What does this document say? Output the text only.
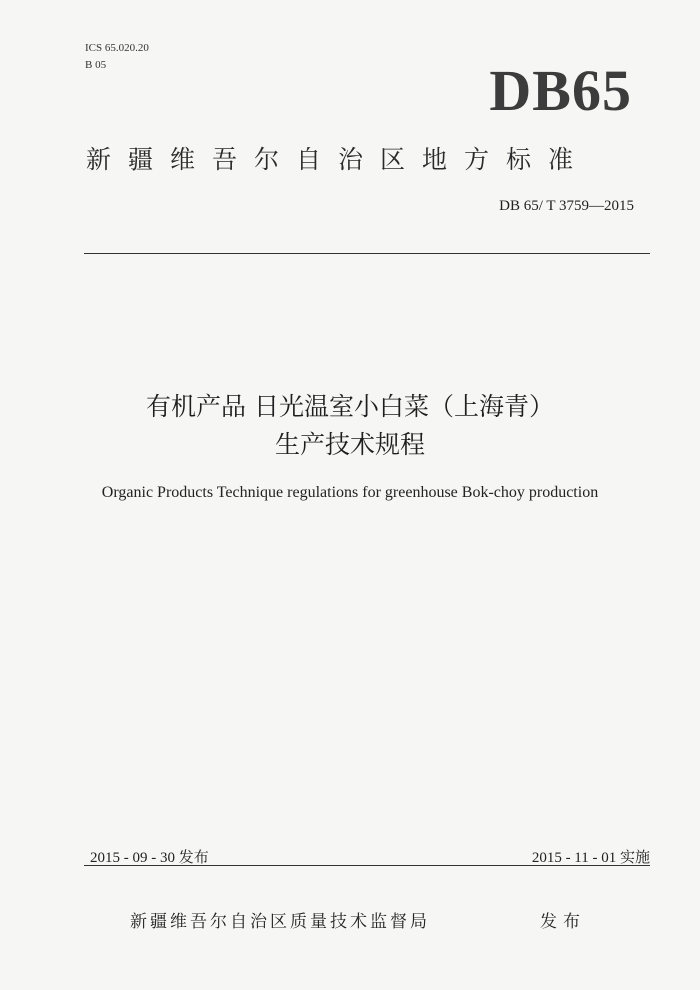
ICS 65.020.20
B 05	DB65
新疆维吾尔自治区地方标准
DB 65/ T 3759—2015
有机产品 日光温室小白菜（上海青）
生产技术规程
Organic Products Technique regulations for greenhouse Bok-choy production
2015 - 09 - 30 发布	2015 - 11 - 01 实施
新疆维吾尔自治区质量技术监督局	发布
